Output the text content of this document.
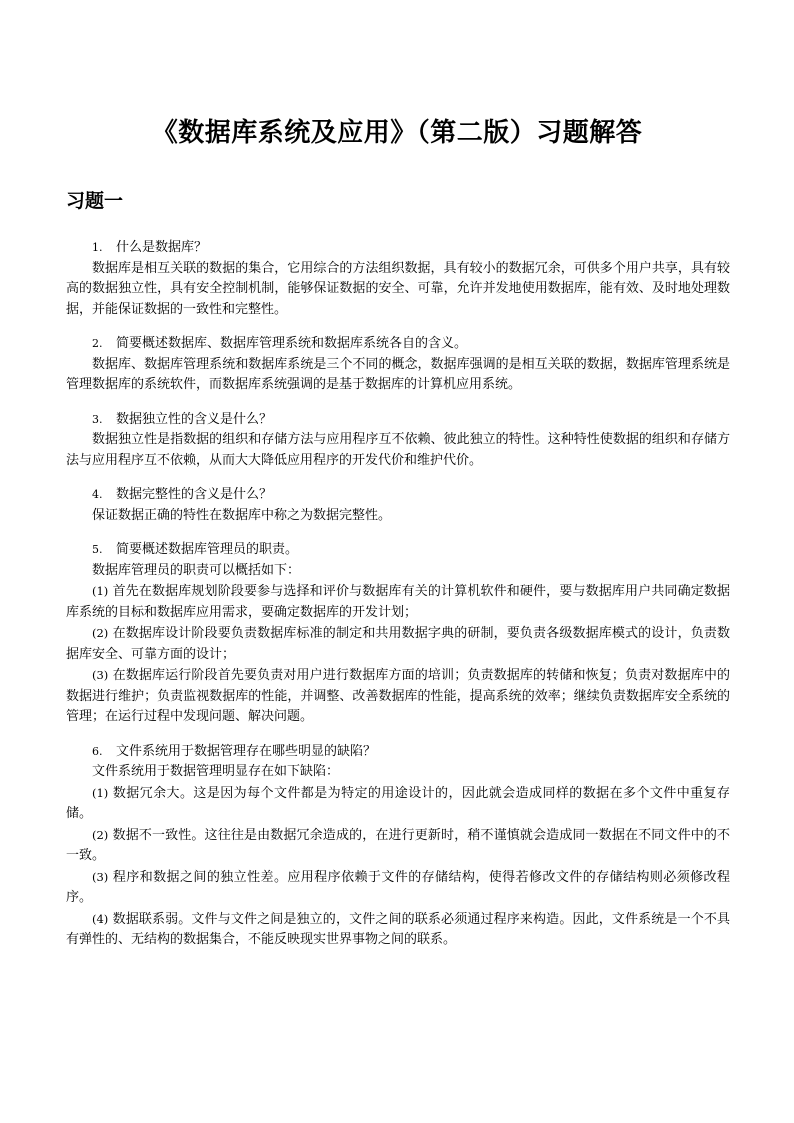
《数据库系统及应用》（第二版）习题解答
习题一

1. 什么是数据库？

数据库是相互关联的数据的集合，它用综合的方法组织数据，具有较小的数据冗余，可供多个用户共享，具有较高的数据独立性，具有安全控制机制，能够保证数据的安全、可靠，允许并发地使用数据库，能有效、及时地处理数据，并能保证数据的一致性和完整性。

2. 简要概述数据库、数据库管理系统和数据库系统各自的含义。

数据库、数据库管理系统和数据库系统是三个不同的概念，数据库强调的是相互关联的数据，数据库管理系统是管理数据库的系统软件，而数据库系统强调的是基于数据库的计算机应用系统。

3. 数据独立性的含义是什么？

数据独立性是指数据的组织和存储方法与应用程序互不依赖、彼此独立的特性。这种特性使数据的组织和存储方法与应用程序互不依赖，从而大大降低应用程序的开发代价和维护代价。

4. 数据完整性的含义是什么？

保证数据正确的特性在数据库中称之为数据完整性。

5. 简要概述数据库管理员的职责。

数据库管理员的职责可以概括如下：

(1) 首先在数据库规划阶段要参与选择和评价与数据库有关的计算机软件和硬件，要与数据库用户共同确定数据库系统的目标和数据库应用需求，要确定数据库的开发计划；

(2) 在数据库设计阶段要负责数据库标准的制定和共用数据字典的研制，要负责各级数据库模式的设计，负责数据库安全、可靠方面的设计；

(3) 在数据库运行阶段首先要负责对用户进行数据库方面的培训；负责数据库的转储和恢复；负责对数据库中的数据进行维护；负责监视数据库的性能，并调整、改善数据库的性能，提高系统的效率；继续负责数据库安全系统的管理；在运行过程中发现问题、解决问题。

6. 文件系统用于数据管理存在哪些明显的缺陷？

文件系统用于数据管理明显存在如下缺陷：

(1) 数据冗余大。这是因为每个文件都是为特定的用途设计的，因此就会造成同样的数据在多个文件中重复存储。

(2) 数据不一致性。这往往是由数据冗余造成的，在进行更新时，稍不谨慎就会造成同一数据在不同文件中的不一致。

(3) 程序和数据之间的独立性差。应用程序依赖于文件的存储结构，使得若修改文件的存储结构则必须修改程序。

(4) 数据联系弱。文件与文件之间是独立的，文件之间的联系必须通过程序来构造。因此，文件系统是一个不具有弹性的、无结构的数据集合，不能反映现实世界事物之间的联系。
